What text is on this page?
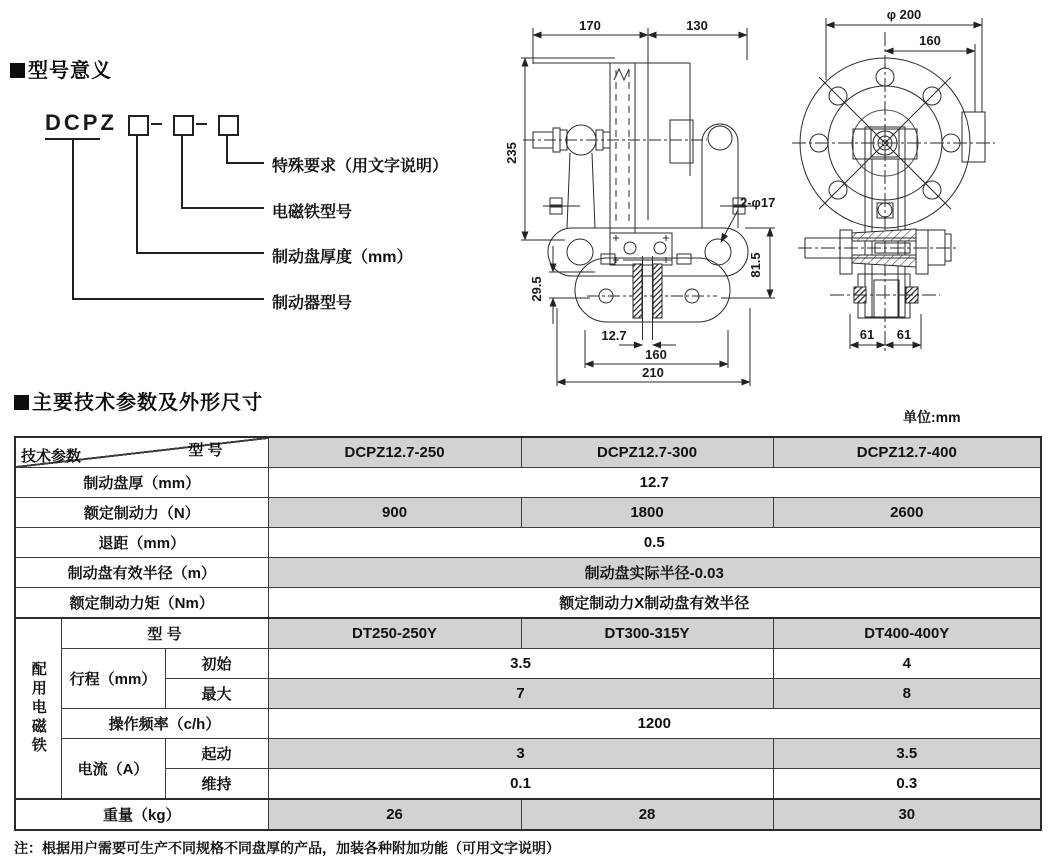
型号意义
DCPZ
特殊要求（用文字说明）
电磁铁型号
制动盘厚度（mm）
制动器型号
170	130
235
29.5
81.5
2-φ17
12.7
160
210
φ 200
160
61 61
主要技术参数及外形尺寸
单位:mm
型 号
技术参数			DCPZ12.7-250	DCPZ12.7-300	DCPZ12.7-400
制动盘厚（mm）			12.7		
额定制动力（N）			900	1800	2600
退距（mm）			0.5		
制动盘有效半径（m）			制动盘实际半径-0.03		
额定制动力矩（Nm）			额定制动力X制动盘有效半径		
配用电磁铁	型 号		DT250-250Y	DT300-315Y	DT400-400Y
	行程（mm）	初始	3.5		4
		最大	7		8
	操作频率（c/h）		1200		
	电流（A）	起动	3		3.5
		维持	0.1		0.3
重量（kg）			26	28	30
注：根据用户需要可生产不同规格不同盘厚的产品，加装各种附加功能（可用文字说明）
